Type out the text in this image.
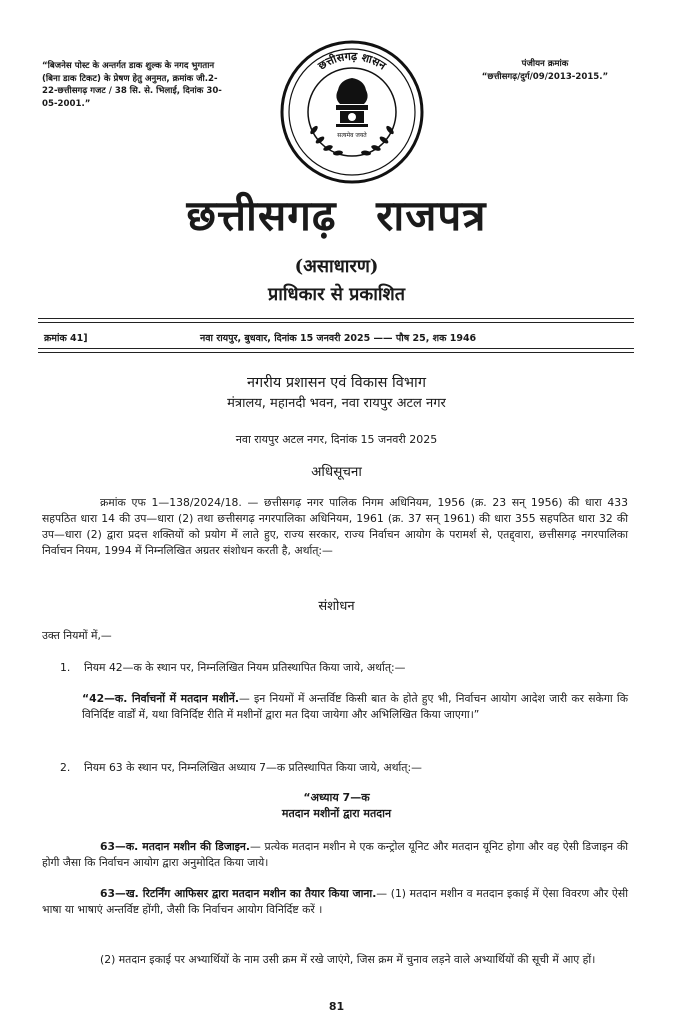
“बिजनेस पोस्ट के अन्तर्गत डाक शुल्क के नगद भुगतान (बिना डाक टिकट) के प्रेषण हेतु अनुमत, क्रमांक जी.2-22-छत्तीसगढ़ गजट / 38 सि. से. भिलाई, दिनांक 30-05-2001.”
पंजीयन क्रमांक
“छत्तीसगढ़/दुर्ग/09/2013-2015.”
छत्तीसगढ़ शासन
सत्यमेव जयते
छत्तीसगढ़ राजपत्र
(असाधारण)
प्राधिकार से प्रकाशित
क्रमांक 41]	नवा रायपुर, बुधवार, दिनांक 15 जनवरी 2025 —— पौष 25, शक 1946
नगरीय प्रशासन एवं विकास विभाग
मंत्रालय, महानदी भवन, नवा रायपुर अटल नगर
नवा रायपुर अटल नगर, दिनांक 15 जनवरी 2025
अधिसूचना
क्रमांक एफ 1—138/2024/18. — छत्तीसगढ़ नगर पालिक निगम अधिनियम, 1956 (क्र. 23 सन् 1956) की धारा 433 सहपठित धारा 14 की उप—धारा (2) तथा छत्तीसगढ़ नगरपालिका अधिनियम, 1961 (क्र. 37 सन् 1961) की धारा 355 सहपठित धारा 32 की उप—धारा (2) द्वारा प्रदत्त शक्तियों को प्रयोग में लाते हुए, राज्य सरकार, राज्य निर्वाचन आयोग के परामर्श से, एतद्द्वारा, छत्तीसगढ़ नगरपालिका निर्वाचन नियम, 1994 में निम्नलिखित अग्रतर संशोधन करती है, अर्थात्:—
संशोधन
उक्त नियमों में,—
1. नियम 42—क के स्थान पर, निम्नलिखित नियम प्रतिस्थापित किया जाये, अर्थात्:—
“42—क. निर्वाचनों में मतदान मशीनें.— इन नियमों में अन्तर्विष्ट किसी बात के होते हुए भी, निर्वाचन आयोग आदेश जारी कर सकेगा कि विनिर्दिष्ट वार्डों में, यथा विनिर्दिष्ट रीति में मशीनों द्वारा मत दिया जायेगा और अभिलिखित किया जाएगा।”
2. नियम 63 के स्थान पर, निम्नलिखित अध्याय 7—क प्रतिस्थापित किया जाये, अर्थात्:—
“अध्याय 7—क
मतदान मशीनों द्वारा मतदान
63—क. मतदान मशीन की डिजाइन.— प्रत्येक मतदान मशीन मे एक कन्ट्रोल यूनिट और मतदान यूनिट होगा और वह ऐसी डिजाइन की होगी जैसा कि निर्वाचन आयोग द्वारा अनुमोदित किया जाये।
63—ख. रिटर्निंग आफिसर द्वारा मतदान मशीन का तैयार किया जाना.— (1) मतदान मशीन व मतदान इकाई में ऐसा विवरण और ऐसी भाषा या भाषाएं अन्तर्विष्ट होंगी, जैसी कि निर्वाचन आयोग विनिर्दिष्ट करें ।
(2) मतदान इकाई पर अभ्यार्थियों के नाम उसी क्रम में रखे जाएंगे, जिस क्रम में चुनाव लड़ने वाले अभ्यार्थियों की सूची में आए हों।
81
